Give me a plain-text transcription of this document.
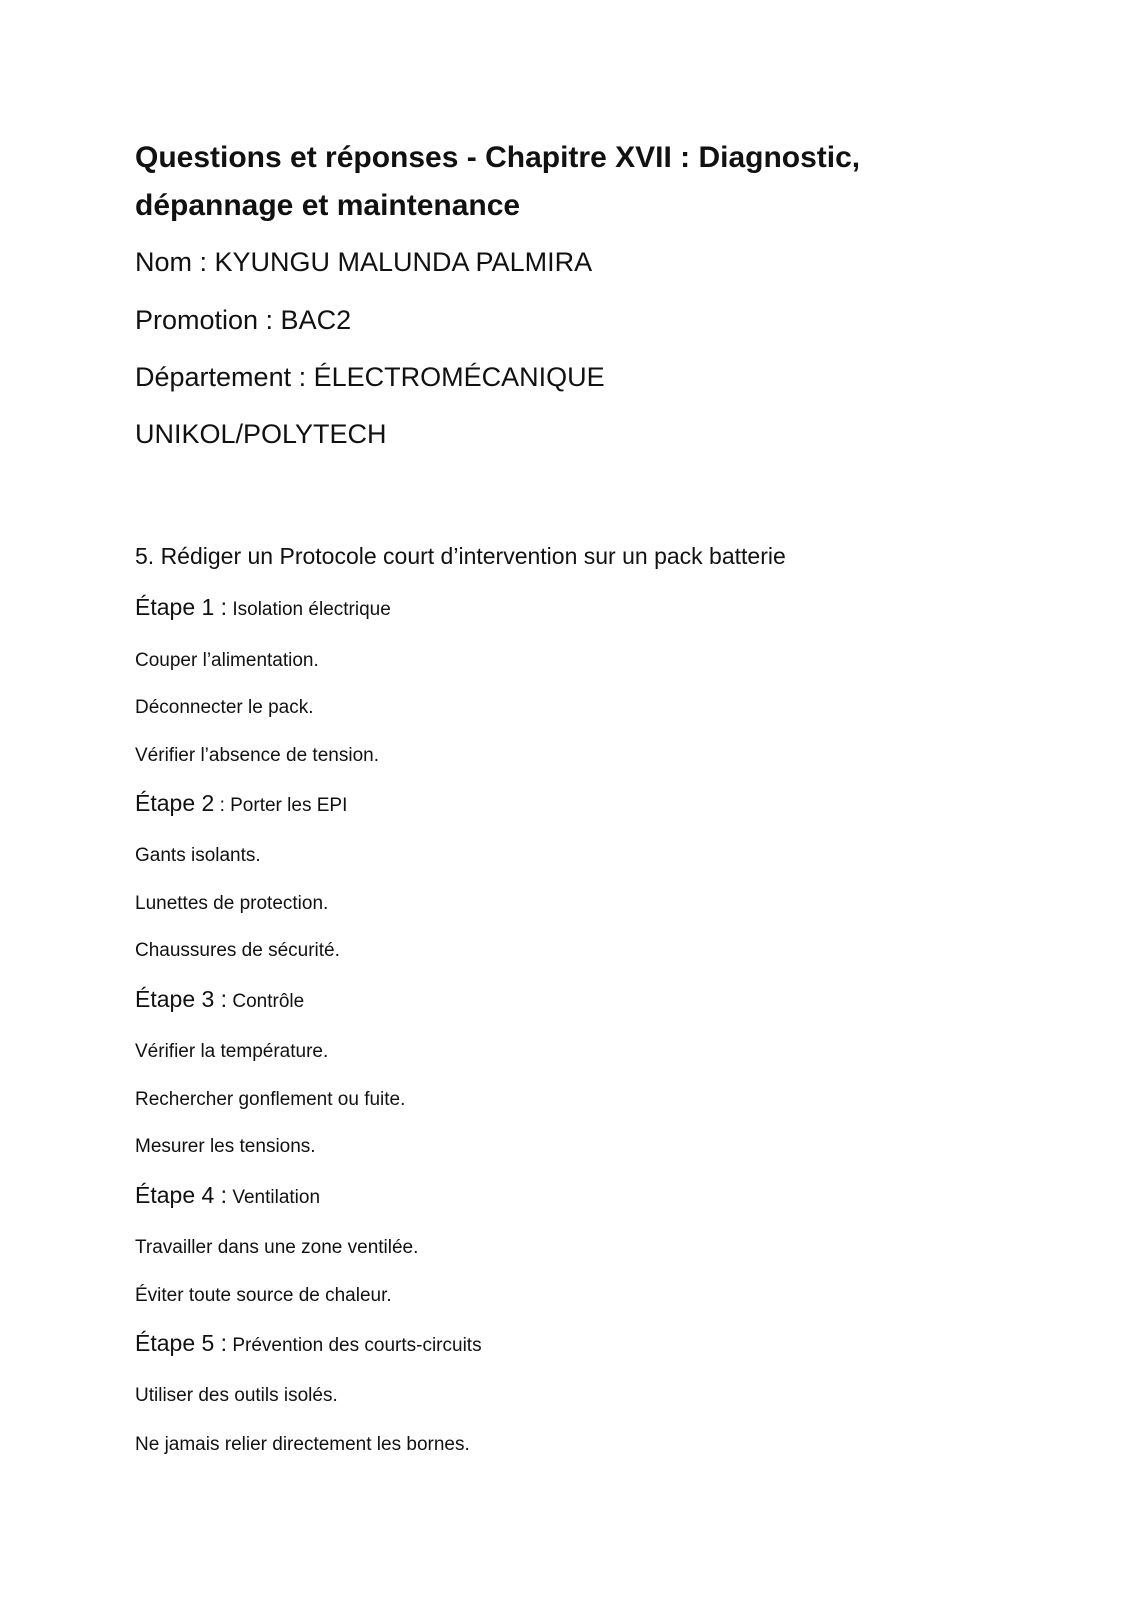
Questions et réponses - Chapitre XVII : Diagnostic, dépannage et maintenance
Nom : KYUNGU MALUNDA PALMIRA
Promotion : BAC2
Département : ÉLECTROMÉCANIQUE
UNIKOL/POLYTECH
5. Rédiger un Protocole court d’intervention sur un pack batterie
Étape 1 : Isolation électrique
Couper l’alimentation.
Déconnecter le pack.
Vérifier l’absence de tension.
Étape 2 : Porter les EPI
Gants isolants.
Lunettes de protection.
Chaussures de sécurité.
Étape 3 : Contrôle
Vérifier la température.
Rechercher gonflement ou fuite.
Mesurer les tensions.
Étape 4 : Ventilation
Travailler dans une zone ventilée.
Éviter toute source de chaleur.
Étape 5 : Prévention des courts-circuits
Utiliser des outils isolés.
Ne jamais relier directement les bornes.
